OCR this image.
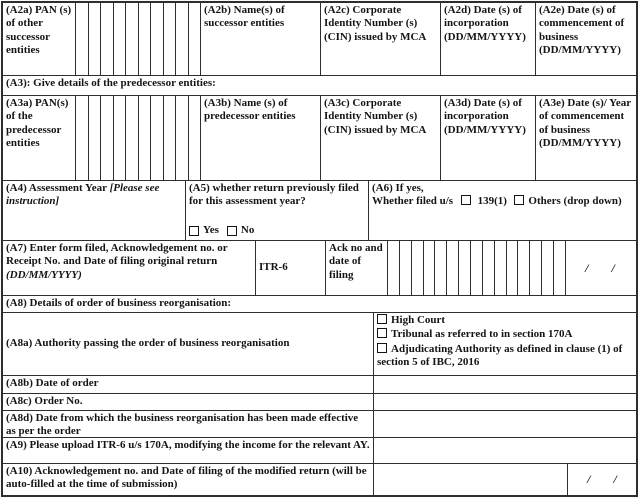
(A2a) PAN (s) of other successor entities
(A2b) Name(s) of successor entities
(A2c) Corporate Identity Number (s) (CIN) issued by MCA
(A2d) Date (s) of incorporation (DD/MM/YYYY)
(A2e) Date (s) of commencement of business (DD/MM/YYYY)
(A3): Give details of the predecessor entities:
(A3a) PAN(s) of the predecessor entities
(A3b) Name (s) of predecessor entities
(A3c) Corporate Identity Number (s) (CIN) issued by MCA
(A3d) Date (s) of incorporation (DD/MM/YYYY)
(A3e) Date (s)/ Year of commencement of business (DD/MM/YYYY)
(A4) Assessment Year [Please see instruction]
(A5) whether return previously filed for this assessment year?
Yes No
(A6) If yes,
Whether filed u/s 139(1) Others (drop down)
(A7) Enter form filed, Acknowledgement no. or Receipt No. and Date of filing original return (DD/MM/YYYY)
ITR-6
Ack no and date of filing
/ /
(A8) Details of order of business reorganisation:
(A8a) Authority passing the order of business reorganisation
High Court
Tribunal as referred to in section 170A
Adjudicating Authority as defined in clause (1) of section 5 of IBC, 2016
(A8b) Date of order
(A8c) Order No.
(A8d) Date from which the business reorganisation has been made effective as per the order
(A9) Please upload ITR-6 u/s 170A, modifying the income for the relevant AY.
(A10) Acknowledgement no. and Date of filing of the modified return (will be auto-filled at the time of submission)	/ /
